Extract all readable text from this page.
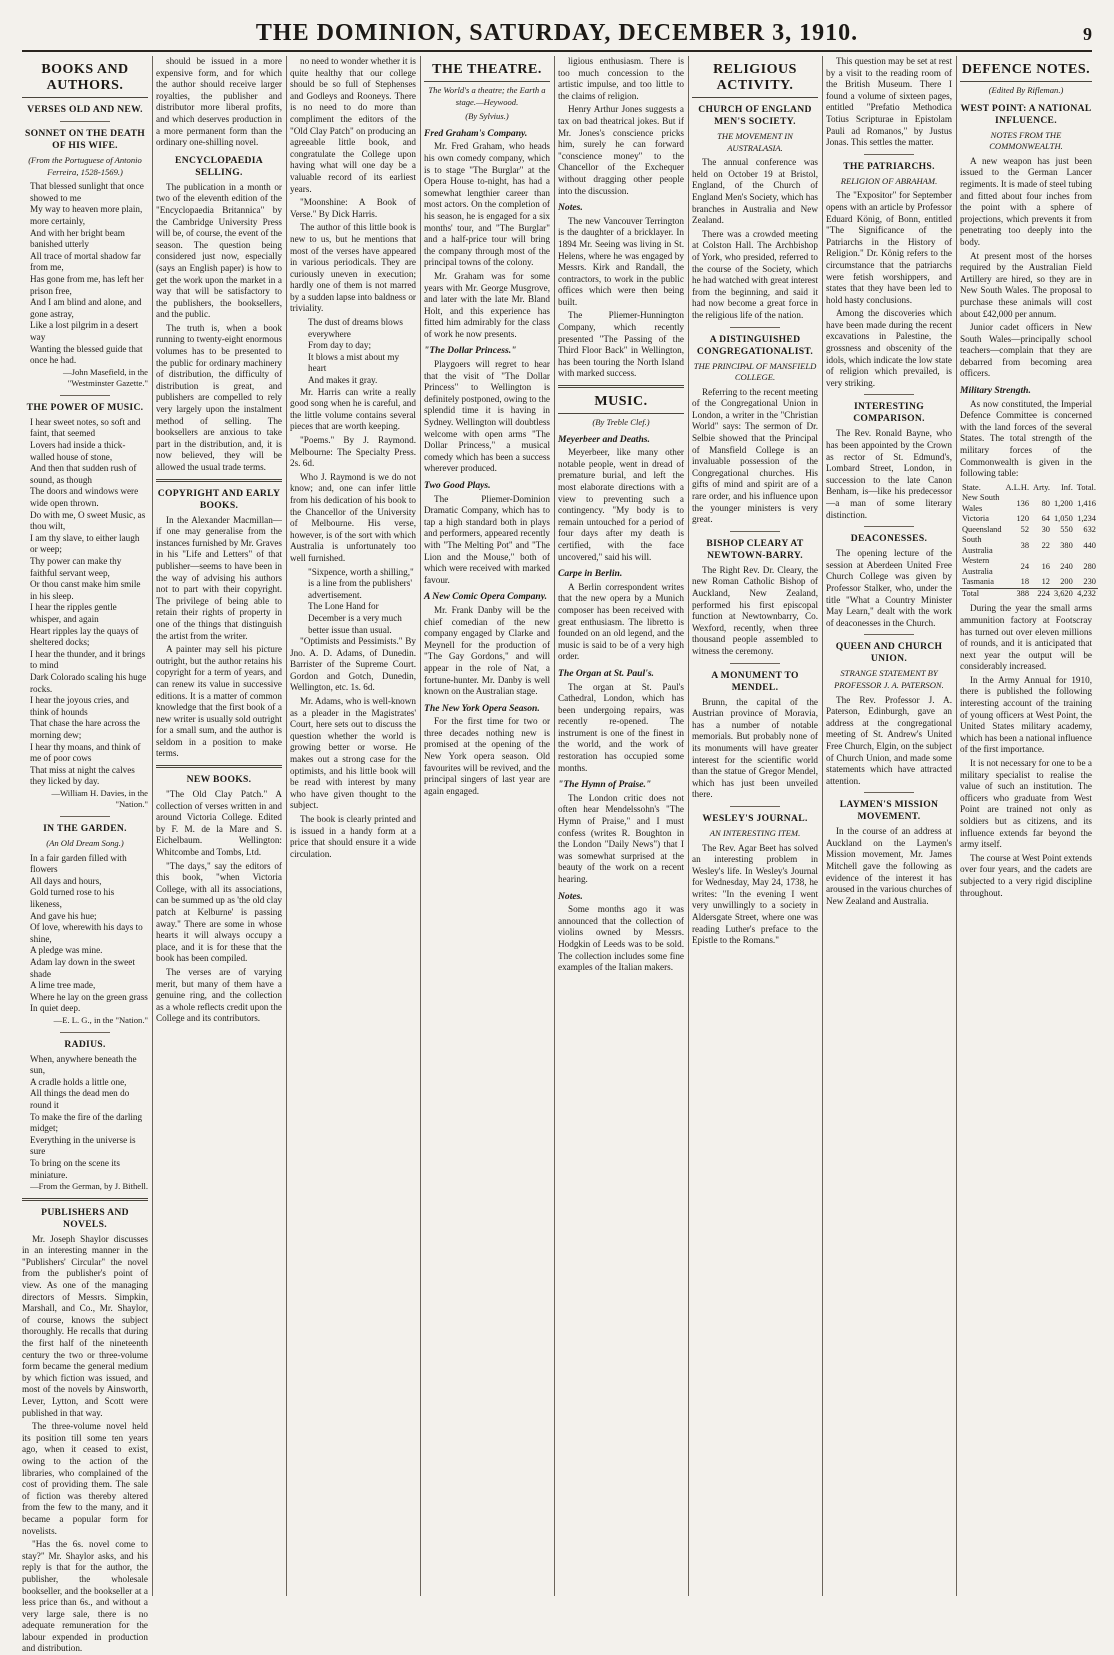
THE DOMINION, SATURDAY, DECEMBER 3, 1910.	9
BOOKS AND AUTHORS.
VERSES OLD AND NEW.
SONNET ON THE DEATH OF HIS WIFE.
(From the Portuguese of Antonio Ferreira, 1528-1569.)
That blessed sunlight that once showed to me
My way to heaven more plain, more certainly,
And with her bright beam banished utterly
All trace of mortal shadow far from me,
Has gone from me, has left her prison free,
And I am blind and alone, and gone astray,
Like a lost pilgrim in a desert way
Wanting the blessed guide that once he had.
—John Masefield, in the "Westminster Gazette."
THE POWER OF MUSIC.
I hear sweet notes, so soft and faint, that seemed
Lovers had inside a thick-walled house of stone,
And then that sudden rush of sound, as though
The doors and windows were wide open thrown.
Do with me, O sweet Music, as thou wilt,
I am thy slave, to either laugh or weep;
Thy power can make thy faithful servant weep,
Or thou canst make him smile in his sleep.
I hear the ripples gentle whisper, and again
Heart ripples lay the quays of sheltered docks;
I hear the thunder, and it brings to mind
Dark Colorado scaling his huge rocks.
I hear the joyous cries, and think of hounds
That chase the hare across the morning dew;
I hear thy moans, and think of me of poor cows
That miss at night the calves they licked by day.
—William H. Davies, in the "Nation."
IN THE GARDEN.
(An Old Dream Song.)
In a fair garden filled with flowers
All days and hours,
Gold turned rose to his likeness,
And gave his hue;
Of love, wherewith his days to shine,
A pledge was mine.
Adam lay down in the sweet shade
A lime tree made,
Where he lay on the green grass
In quiet deep.
—E. L. G., in the "Nation."
RADIUS.
When, anywhere beneath the sun,
A cradle holds a little one,
All things the dead men do round it
To make the fire of the darling midget;
Everything in the universe is sure
To bring on the scene its miniature.
—From the German, by J. Bithell.
PUBLISHERS AND NOVELS.

Mr. Joseph Shaylor discusses in an interesting manner in the "Publishers' Circular" the novel from the publisher's point of view. As one of the managing directors of Messrs. Simpkin, Marshall, and Co., Mr. Shaylor, of course, knows the subject thoroughly. He recalls that during the first half of the nineteenth century the two or three-volume form became the general medium by which fiction was issued, and most of the novels by Ainsworth, Lever, Lytton, and Scott were published in that way.

The three-volume novel held its position till some ten years ago, when it ceased to exist, owing to the action of the libraries, who complained of the cost of providing them. The sale of fiction was thereby altered from the few to the many, and it became a popular form for novelists.

"Has the 6s. novel come to stay?" Mr. Shaylor asks, and his reply is that for the author, the publisher, the wholesale bookseller, and the bookseller at a less price than 6s., and without a very large sale, there is no adequate remuneration for the labour expended in production and distribution.

should be issued in a more expensive form, and for which the author should receive larger royalties, the publisher and distributor more liberal profits, and which deserves production in a more permanent form than the ordinary one-shilling novel.

ENCYCLOPAEDIA SELLING.

The publication in a month or two of the eleventh edition of the "Encyclopaedia Britannica" by the Cambridge University Press will be, of course, the event of the season. The question being considered just now, especially (says an English paper) is how to get the work upon the market in a way that will be satisfactory to the publishers, the booksellers, and the public.

The truth is, when a book running to twenty-eight enormous volumes has to be presented to the public for ordinary machinery of distribution, the difficulty of distribution is great, and publishers are compelled to rely very largely upon the instalment method of selling. The booksellers are anxious to take part in the distribution, and, it is now believed, they will be allowed the usual trade terms.

COPYRIGHT AND EARLY BOOKS.

In the Alexander Macmillan—if one may generalise from the instances furnished by Mr. Graves in his "Life and Letters" of that publisher—seems to have been in the way of advising his authors not to part with their copyright. The privilege of being able to retain their rights of property in one of the things that distinguish the artist from the writer.

A painter may sell his picture outright, but the author retains his copyright for a term of years, and can renew its value in successive editions. It is a matter of common knowledge that the first book of a new writer is usually sold outright for a small sum, and the author is seldom in a position to make terms.

NEW BOOKS.

"The Old Clay Patch." A collection of verses written in and around Victoria College. Edited by F. M. de la Mare and S. Eichelbaum. Wellington: Whitcombe and Tombs, Ltd.

"The days," say the editors of this book, "when Victoria College, with all its associations, can be summed up as 'the old clay patch at Kelburne' is passing away." There are some in whose hearts it will always occupy a place, and it is for these that the book has been compiled.

The verses are of varying merit, but many of them have a genuine ring, and the collection as a whole reflects credit upon the College and its contributors.

no need to wonder whether it is quite healthy that our college should be so full of Stephenses and Godleys and Rooneys. There is no need to do more than compliment the editors of the "Old Clay Patch" on producing an agreeable little book, and congratulate the College upon having what will one day be a valuable record of its earliest years.

"Moonshine: A Book of Verse." By Dick Harris.

The author of this little book is new to us, but he mentions that most of the verses have appeared in various periodicals. They are curiously uneven in execution; hardly one of them is not marred by a sudden lapse into baldness or triviality.

The dust of dreams blows everywhere
From day to day;
It blows a mist about my heart
And makes it gray.

Mr. Harris can write a really good song when he is careful, and the little volume contains several pieces that are worth keeping.

"Poems." By J. Raymond. Melbourne: The Specialty Press. 2s. 6d.

Who J. Raymond is we do not know; and, one can infer little from his dedication of his book to the Chancellor of the University of Melbourne. His verse, however, is of the sort with which Australia is unfortunately too well furnished.

"Sixpence, worth a shilling," is a line from the publishers' advertisement.
The Lone Hand for December is a very much better issue than usual.

"Optimists and Pessimists." By Jno. A. D. Adams, of Dunedin. Barrister of the Supreme Court. Gordon and Gotch, Dunedin, Wellington, etc. 1s. 6d.

Mr. Adams, who is well-known as a pleader in the Magistrates' Court, here sets out to discuss the question whether the world is growing better or worse. He makes out a strong case for the optimists, and his little book will be read with interest by many who have given thought to the subject.

The book is clearly printed and is issued in a handy form at a price that should ensure it a wide circulation.

THE THEATRE.
The World's a theatre; the Earth a stage.—Heywood.
(By Sylvius.)
Fred Graham's Company.

Mr. Fred Graham, who heads his own comedy company, which is to stage "The Burglar" at the Opera House to-night, has had a somewhat lengthier career than most actors. On the completion of his season, he is engaged for a six months' tour, and "The Burglar" and a half-price tour will bring the company through most of the principal towns of the colony.

Mr. Graham was for some years with Mr. George Musgrove, and later with the late Mr. Bland Holt, and this experience has fitted him admirably for the class of work he now presents.

"The Dollar Princess."

Playgoers will regret to hear that the visit of "The Dollar Princess" to Wellington is definitely postponed, owing to the splendid time it is having in Sydney. Wellington will doubtless welcome with open arms "The Dollar Princess," a musical comedy which has been a success wherever produced.

Two Good Plays.

The Pliemer-Dominion Dramatic Company, which has to tap a high standard both in plays and performers, appeared recently with "The Melting Pot" and "The Lion and the Mouse," both of which were received with marked favour.

A New Comic Opera Company.

Mr. Frank Danby will be the chief comedian of the new company engaged by Clarke and Meynell for the production of "The Gay Gordons," and will appear in the role of Nat, a fortune-hunter. Mr. Danby is well known on the Australian stage.

The New York Opera Season.

For the first time for two or three decades nothing new is promised at the opening of the New York opera season. Old favourites will be revived, and the principal singers of last year are again engaged.

ligious enthusiasm. There is too much concession to the artistic impulse, and too little to the claims of religion.

Henry Arthur Jones suggests a tax on bad theatrical jokes. But if Mr. Jones's conscience pricks him, surely he can forward "conscience money" to the Chancellor of the Exchequer without dragging other people into the discussion.

Notes.

The new Vancouver Terrington is the daughter of a bricklayer. In 1894 Mr. Seeing was living in St. Helens, where he was engaged by Messrs. Kirk and Randall, the contractors, to work in the public offices which were then being built.

The Pliemer-Hunnington Company, which recently presented "The Passing of the Third Floor Back" in Wellington, has been touring the North Island with marked success.

MUSIC.
(By Treble Clef.)
Meyerbeer and Deaths.

Meyerbeer, like many other notable people, went in dread of premature burial, and left the most elaborate directions with a view to preventing such a contingency. "My body is to remain untouched for a period of four days after my death is certified, with the face uncovered," said his will.

Carpe in Berlin.

A Berlin correspondent writes that the new opera by a Munich composer has been received with great enthusiasm. The libretto is founded on an old legend, and the music is said to be of a very high order.

The Organ at St. Paul's.

The organ at St. Paul's Cathedral, London, which has been undergoing repairs, was recently re-opened. The instrument is one of the finest in the world, and the work of restoration has occupied some months.

"The Hymn of Praise."

The London critic does not often hear Mendelssohn's "The Hymn of Praise," and I must confess (writes R. Boughton in the London "Daily News") that I was somewhat surprised at the beauty of the work on a recent hearing.

Notes.

Some months ago it was announced that the collection of violins owned by Messrs. Hodgkin of Leeds was to be sold. The collection includes some fine examples of the Italian makers.

RELIGIOUS ACTIVITY.
CHURCH OF ENGLAND MEN'S SOCIETY.
THE MOVEMENT IN AUSTRALASIA.

The annual conference was held on October 19 at Bristol, England, of the Church of England Men's Society, which has branches in Australia and New Zealand.

There was a crowded meeting at Colston Hall. The Archbishop of York, who presided, referred to the course of the Society, which he had watched with great interest from the beginning, and said it had now become a great force in the religious life of the nation.

A DISTINGUISHED CONGREGATIONALIST.
THE PRINCIPAL OF MANSFIELD COLLEGE.

Referring to the recent meeting of the Congregational Union in London, a writer in the "Christian World" says: The sermon of Dr. Selbie showed that the Principal of Mansfield College is an invaluable possession of the Congregational churches. His gifts of mind and spirit are of a rare order, and his influence upon the younger ministers is very great.

BISHOP CLEARY AT NEWTOWN-BARRY.

The Right Rev. Dr. Cleary, the new Roman Catholic Bishop of Auckland, New Zealand, performed his first episcopal function at Newtownbarry, Co. Wexford, recently, when three thousand people assembled to witness the ceremony.

A MONUMENT TO MENDEL.

Brunn, the capital of the Austrian province of Moravia, has a number of notable memorials. But probably none of its monuments will have greater interest for the scientific world than the statue of Gregor Mendel, which has just been unveiled there.

WESLEY'S JOURNAL.
AN INTERESTING ITEM.

The Rev. Agar Beet has solved an interesting problem in Wesley's life. In Wesley's Journal for Wednesday, May 24, 1738, he writes: "In the evening I went very unwillingly to a society in Aldersgate Street, where one was reading Luther's preface to the Epistle to the Romans."

This question may be set at rest by a visit to the reading room of the British Museum. There I found a volume of sixteen pages, entitled "Prefatio Methodica Totius Scripturae in Epistolam Pauli ad Romanos," by Justus Jonas. This settles the matter.

THE PATRIARCHS.
RELIGION OF ABRAHAM.

The "Expositor" for September opens with an article by Professor Eduard König, of Bonn, entitled "The Significance of the Patriarchs in the History of Religion." Dr. König refers to the circumstance that the patriarchs were fetish worshippers, and states that they have been led to hold hasty conclusions.

Among the discoveries which have been made during the recent excavations in Palestine, the grossness and obscenity of the idols, which indicate the low state of religion which prevailed, is very striking.

INTERESTING COMPARISON.

The Rev. Ronald Bayne, who has been appointed by the Crown as rector of St. Edmund's, Lombard Street, London, in succession to the late Canon Benham, is—like his predecessor—a man of some literary distinction.

DEACONESSES.

The opening lecture of the session at Aberdeen United Free Church College was given by Professor Stalker, who, under the title "What a Country Minister May Learn," dealt with the work of deaconesses in the Church.

QUEEN AND CHURCH UNION.
STRANGE STATEMENT BY PROFESSOR J. A. PATERSON.

The Rev. Professor J. A. Paterson, Edinburgh, gave an address at the congregational meeting of St. Andrew's United Free Church, Elgin, on the subject of Church Union, and made some statements which have attracted attention.

LAYMEN'S MISSION MOVEMENT.

In the course of an address at Auckland on the Laymen's Mission movement, Mr. James Mitchell gave the following as evidence of the interest it has aroused in the various churches of New Zealand and Australia.

DEFENCE NOTES.
(Edited By Rifleman.)
WEST POINT: A NATIONAL INFLUENCE.
NOTES FROM THE COMMONWEALTH.

A new weapon has just been issued to the German Lancer regiments. It is made of steel tubing and fitted about four inches from the point with a sphere of projections, which prevents it from penetrating too deeply into the body.

At present most of the horses required by the Australian Field Artillery are hired, so they are in New South Wales. The proposal to purchase these animals will cost about £42,000 per annum.

Junior cadet officers in New South Wales—principally school teachers—complain that they are debarred from becoming area officers.

Military Strength.

As now constituted, the Imperial Defence Committee is concerned with the land forces of the several States. The total strength of the military forces of the Commonwealth is given in the following table:

State.	A.L.H.	Arty.	Inf.	Total.
New South Wales	136	80	1,200	1,416
Victoria	120	64	1,050	1,234
Queensland	52	30	550	632
South Australia	38	22	380	440
Western Australia	24	16	240	280
Tasmania	18	12	200	230
Total	388	224	3,620	4,232

During the year the small arms ammunition factory at Footscray has turned out over eleven millions of rounds, and it is anticipated that next year the output will be considerably increased.

In the Army Annual for 1910, there is published the following interesting account of the training of young officers at West Point, the United States military academy, which has been a national influence of the first importance.

It is not necessary for one to be a military specialist to realise the value of such an institution. The officers who graduate from West Point are trained not only as soldiers but as citizens, and its influence extends far beyond the army itself.

The course at West Point extends over four years, and the cadets are subjected to a very rigid discipline throughout.
